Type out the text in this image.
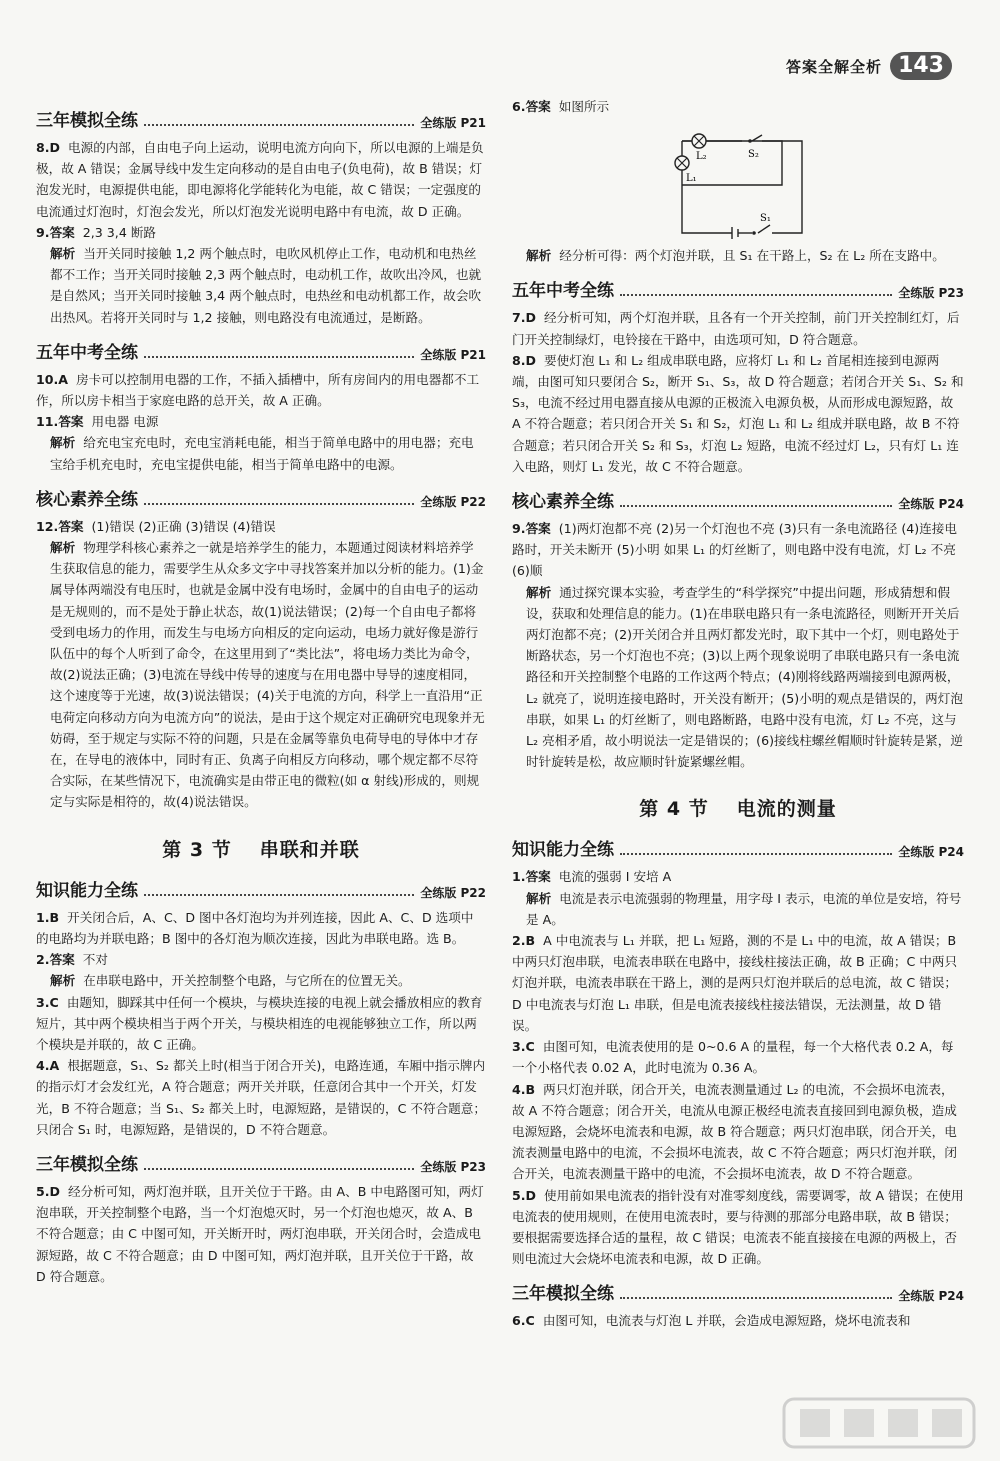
答案全解全析 143
三年模拟全练	全练版 P21

8.D 电源的内部，自由电子向上运动，说明电流方向向下，所以电源的上端是负极，故 A 错误；金属导线中发生定向移动的是自由电子(负电荷)，故 B 错误；灯泡发光时，电源提供电能，即电源将化学能转化为电能，故 C 错误；一定强度的电流通过灯泡时，灯泡会发光，所以灯泡发光说明电路中有电流，故 D 正确。

9.答案 2,3 3,4 断路

解析 当开关同时接触 1,2 两个触点时，电吹风机停止工作，电动机和电热丝都不工作；当开关同时接触 2,3 两个触点时，电动机工作，故吹出冷风，也就是自然风；当开关同时接触 3,4 两个触点时，电热丝和电动机都工作，故会吹出热风。若将开关同时与 1,2 接触，则电路没有电流通过，是断路。

五年中考全练	全练版 P21

10.A 房卡可以控制用电器的工作，不插入插槽中，所有房间内的用电器都不工作，所以房卡相当于家庭电路的总开关，故 A 正确。

11.答案 用电器 电源

解析 给充电宝充电时，充电宝消耗电能，相当于简单电路中的用电器；充电宝给手机充电时，充电宝提供电能，相当于简单电路中的电源。

核心素养全练	全练版 P22

12.答案 (1)错误 (2)正确 (3)错误 (4)错误

解析 物理学科核心素养之一就是培养学生的能力，本题通过阅读材料培养学生获取信息的能力，需要学生从众多文字中寻找答案并加以分析的能力。(1)金属导体两端没有电压时，也就是金属中没有电场时，金属中的自由电子的运动是无规则的，而不是处于静止状态，故(1)说法错误；(2)每一个自由电子都将受到电场力的作用，而发生与电场方向相反的定向运动，电场力就好像是游行队伍中的每个人听到了命令，在这里用到了“类比法”，将电场力类比为命令，故(2)说法正确；(3)电流在导线中传导的速度与在用电器中导导的速度相同，这个速度等于光速，故(3)说法错误；(4)关于电流的方向，科学上一直沿用“正电荷定向移动方向为电流方向”的说法，是由于这个规定对正确研究电现象并无妨碍，至于规定与实际不符的问题，只是在金属等靠负电荷导电的导体中才存在，在导电的液体中，同时有正、负离子向相反方向移动，哪个规定都不尽符合实际，在某些情况下，电流确实是由带正电的微粒(如 α 射线)形成的，则规定与实际是相符的，故(4)说法错误。

第 3 节 串联和并联
知识能力全练	全练版 P22

1.B 开关闭合后，A、C、D 图中各灯泡均为并列连接，因此 A、C、D 选项中的电路均为并联电路；B 图中的各灯泡为顺次连接，因此为串联电路。选 B。

2.答案 不对

解析 在串联电路中，开关控制整个电路，与它所在的位置无关。

3.C 由题知，脚踩其中任何一个模块，与模块连接的电视上就会播放相应的教育短片，其中两个模块相当于两个开关，与模块相连的电视能够独立工作，所以两个模块是并联的，故 C 正确。

4.A 根据题意，S₁、S₂ 都关上时(相当于闭合开关)，电路连通，车厢中指示牌内的指示灯才会发红光，A 符合题意；两开关并联，任意闭合其中一个开关，灯发光，B 不符合题意；当 S₁、S₂ 都关上时，电源短路，是错误的，C 不符合题意；只闭合 S₁ 时，电源短路，是错误的，D 不符合题意。

三年模拟全练	全练版 P23

5.D 经分析可知，两灯泡并联，且开关位于干路。由 A、B 中电路图可知，两灯泡串联，开关控制整个电路，当一个灯泡熄灭时，另一个灯泡也熄灭，故 A、B 不符合题意；由 C 中图可知，开关断开时，两灯泡串联，开关闭合时，会造成电源短路，故 C 不符合题意；由 D 中图可知，两灯泡并联，且开关位于干路，故 D 符合题意。

6.答案 如图所示

L₂	S₂
L₁
S₁

解析 经分析可得：两个灯泡并联，且 S₁ 在干路上，S₂ 在 L₂ 所在支路中。

五年中考全练	全练版 P23

7.D 经分析可知，两个灯泡并联，且各有一个开关控制，前门开关控制红灯，后门开关控制绿灯，电铃接在干路中，由选项可知，D 符合题意。

8.D 要使灯泡 L₁ 和 L₂ 组成串联电路，应将灯 L₁ 和 L₂ 首尾相连接到电源两端，由图可知只要闭合 S₂，断开 S₁、S₃，故 D 符合题意；若闭合开关 S₁、S₂ 和 S₃，电流不经过用电器直接从电源的正极流入电源负极，从而形成电源短路，故 A 不符合题意；若只闭合开关 S₁ 和 S₂，灯泡 L₁ 和 L₂ 组成并联电路，故 B 不符合题意；若只闭合开关 S₂ 和 S₃，灯泡 L₂ 短路，电流不经过灯 L₂，只有灯 L₁ 连入电路，则灯 L₁ 发光，故 C 不符合题意。

核心素养全练	全练版 P24

9.答案 (1)两灯泡都不亮 (2)另一个灯泡也不亮 (3)只有一条电流路径 (4)连接电路时，开关未断开 (5)小明 如果 L₁ 的灯丝断了，则电路中没有电流，灯 L₂ 不亮 (6)顺

解析 通过探究课本实验，考查学生的“科学探究”中提出问题，形成猜想和假设，获取和处理信息的能力。(1)在串联电路只有一条电流路径，则断开开关后两灯泡都不亮；(2)开关闭合并且两灯都发光时，取下其中一个灯，则电路处于断路状态，另一个灯泡也不亮；(3)以上两个现象说明了串联电路只有一条电流路径和开关控制整个电路的工作这两个特点；(4)刚将线路两端接到电源两极，L₂ 就亮了，说明连接电路时，开关没有断开；(5)小明的观点是错误的，两灯泡串联，如果 L₁ 的灯丝断了，则电路断路，电路中没有电流，灯 L₂ 不亮，这与 L₂ 亮相矛盾，故小明说法一定是错误的；(6)接线柱螺丝帽顺时针旋转是紧，逆时针旋转是松，故应顺时针旋紧螺丝帽。

第 4 节 电流的测量
知识能力全练	全练版 P24

1.答案 电流的强弱 I 安培 A

解析 电流是表示电流强弱的物理量，用字母 I 表示，电流的单位是安培，符号是 A。

2.B A 中电流表与 L₁ 并联，把 L₁ 短路，测的不是 L₁ 中的电流，故 A 错误；B 中两只灯泡串联，电流表串联在电路中，接线柱接法正确，故 B 正确；C 中两只灯泡并联，电流表串联在干路上，测的是两只灯泡并联后的总电流，故 C 错误；D 中电流表与灯泡 L₁ 串联，但是电流表接线柱接法错误，无法测量，故 D 错误。

3.C 由图可知，电流表使用的是 0~0.6 A 的量程，每一个大格代表 0.2 A，每一个小格代表 0.02 A，此时电流为 0.36 A。

4.B 两只灯泡并联，闭合开关，电流表测量通过 L₂ 的电流，不会损坏电流表，故 A 不符合题意；闭合开关，电流从电源正极经电流表直接回到电源负极，造成电源短路，会烧坏电流表和电源，故 B 符合题意；两只灯泡串联，闭合开关，电流表测量电路中的电流，不会损坏电流表，故 C 不符合题意；两只灯泡并联，闭合开关，电流表测量干路中的电流，不会损坏电流表，故 D 不符合题意。

5.D 使用前如果电流表的指针没有对准零刻度线，需要调零，故 A 错误；在使用电流表的使用规则，在使用电流表时，要与待测的那部分电路串联，故 B 错误；要根据需要选择合适的量程，故 C 错误；电流表不能直接接在电源的两极上，否则电流过大会烧坏电流表和电源，故 D 正确。

三年模拟全练	全练版 P24

6.C 由图可知，电流表与灯泡 L 并联，会造成电源短路，烧坏电流表和
